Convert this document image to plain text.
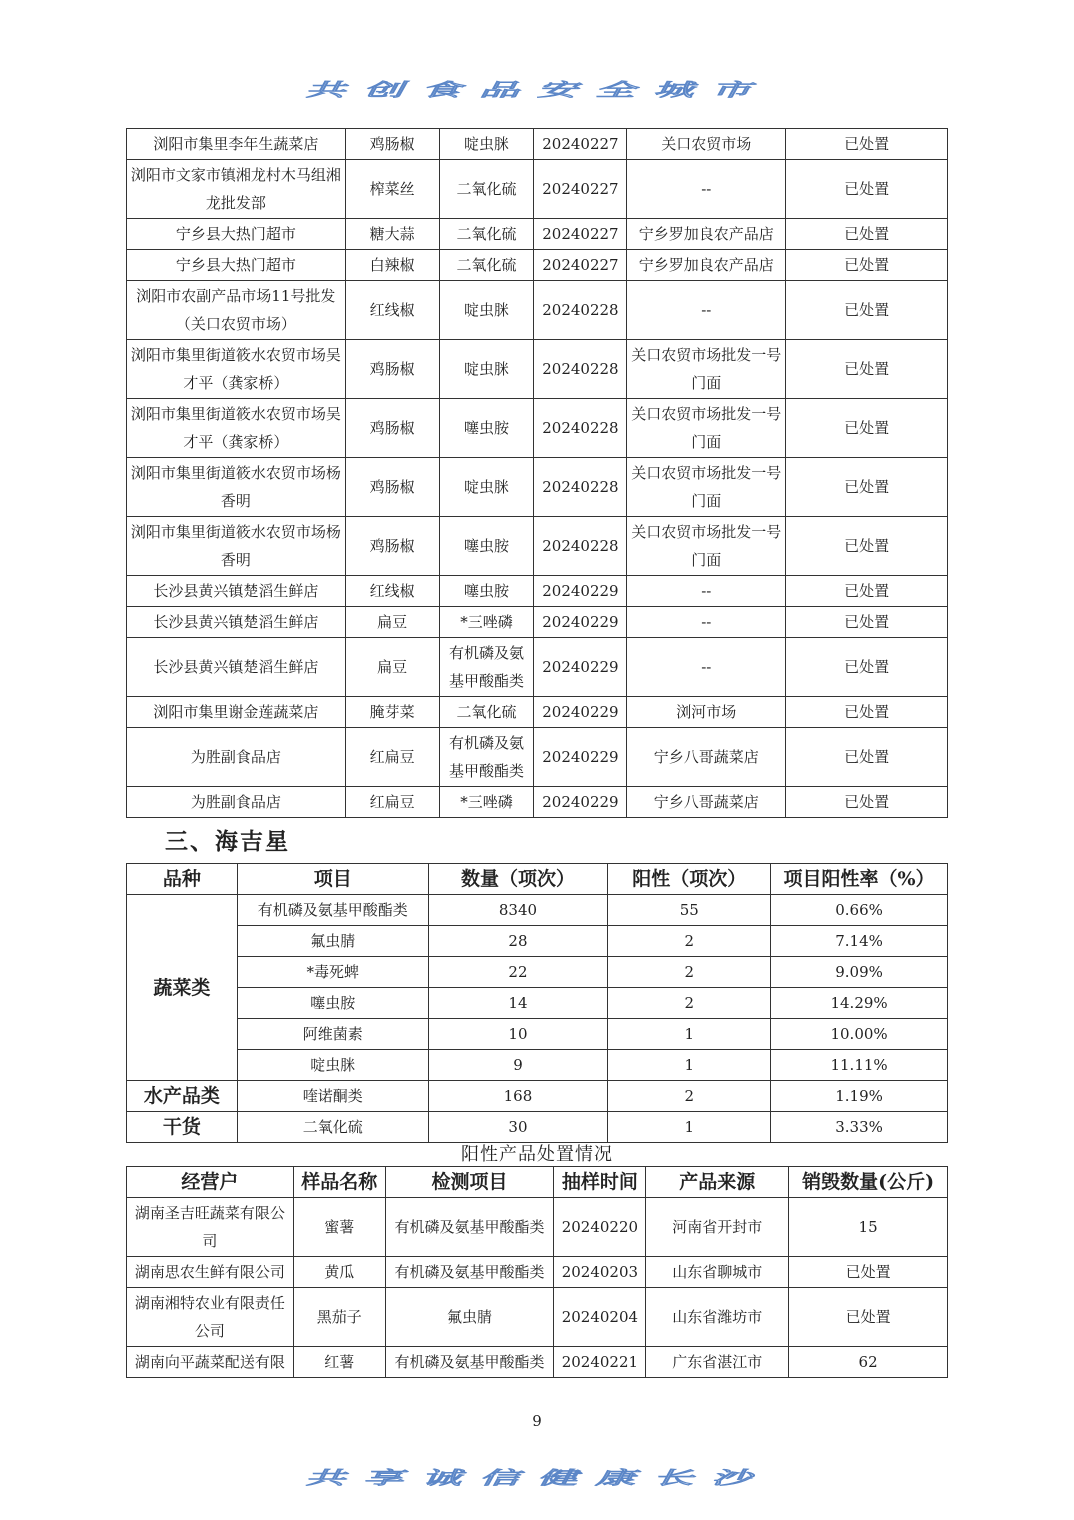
共创食品安全城市
浏阳市集里李年生蔬菜店	鸡肠椒	啶虫脒	20240227	关口农贸市场	已处置
浏阳市文家市镇湘龙村木马组湘龙批发部	榨菜丝	二氧化硫	20240227	--	已处置
宁乡县大热门超市	糖大蒜	二氧化硫	20240227	宁乡罗加良农产品店	已处置
宁乡县大热门超市	白辣椒	二氧化硫	20240227	宁乡罗加良农产品店	已处置
浏阳市农副产品市场11号批发（关口农贸市场）	红线椒	啶虫脒	20240228	--	已处置
浏阳市集里街道筱水农贸市场吴才平（龚家桥）	鸡肠椒	啶虫脒	20240228	关口农贸市场批发一号门面	已处置
浏阳市集里街道筱水农贸市场吴才平（龚家桥）	鸡肠椒	噻虫胺	20240228	关口农贸市场批发一号门面	已处置
浏阳市集里街道筱水农贸市场杨香明	鸡肠椒	啶虫脒	20240228	关口农贸市场批发一号门面	已处置
浏阳市集里街道筱水农贸市场杨香明	鸡肠椒	噻虫胺	20240228	关口农贸市场批发一号门面	已处置
长沙县黄兴镇楚滔生鲜店	红线椒	噻虫胺	20240229	--	已处置
长沙县黄兴镇楚滔生鲜店	扁豆	*三唑磷	20240229	--	已处置
长沙县黄兴镇楚滔生鲜店	扁豆	有机磷及氨基甲酸酯类	20240229	--	已处置
浏阳市集里谢金莲蔬菜店	腌芽菜	二氧化硫	20240229	浏河市场	已处置
为胜副食品店	红扁豆	有机磷及氨基甲酸酯类	20240229	宁乡八哥蔬菜店	已处置
为胜副食品店	红扁豆	*三唑磷	20240229	宁乡八哥蔬菜店	已处置
三、海吉星
品种	项目	数量（项次）	阳性（项次）	项目阳性率（%）
蔬菜类	有机磷及氨基甲酸酯类	8340	55	0.66%
	氟虫腈	28	2	7.14%
	*毒死蜱	22	2	9.09%
	噻虫胺	14	2	14.29%
	阿维菌素	10	1	10.00%
	啶虫脒	9	1	11.11%
水产品类	喹诺酮类	168	2	1.19%
干货	二氧化硫	30	1	3.33%
阳性产品处置情况
经营户	样品名称	检测项目	抽样时间	产品来源	销毁数量(公斤)
湖南圣吉旺蔬菜有限公司	蜜薯	有机磷及氨基甲酸酯类	20240220	河南省开封市	15
湖南思农生鲜有限公司	黄瓜	有机磷及氨基甲酸酯类	20240203	山东省聊城市	已处置
湖南湘特农业有限责任公司	黑茄子	氟虫腈	20240204	山东省潍坊市	已处置
湖南向平蔬菜配送有限	红薯	有机磷及氨基甲酸酯类	20240221	广东省湛江市	62
9
共享诚信健康长沙
